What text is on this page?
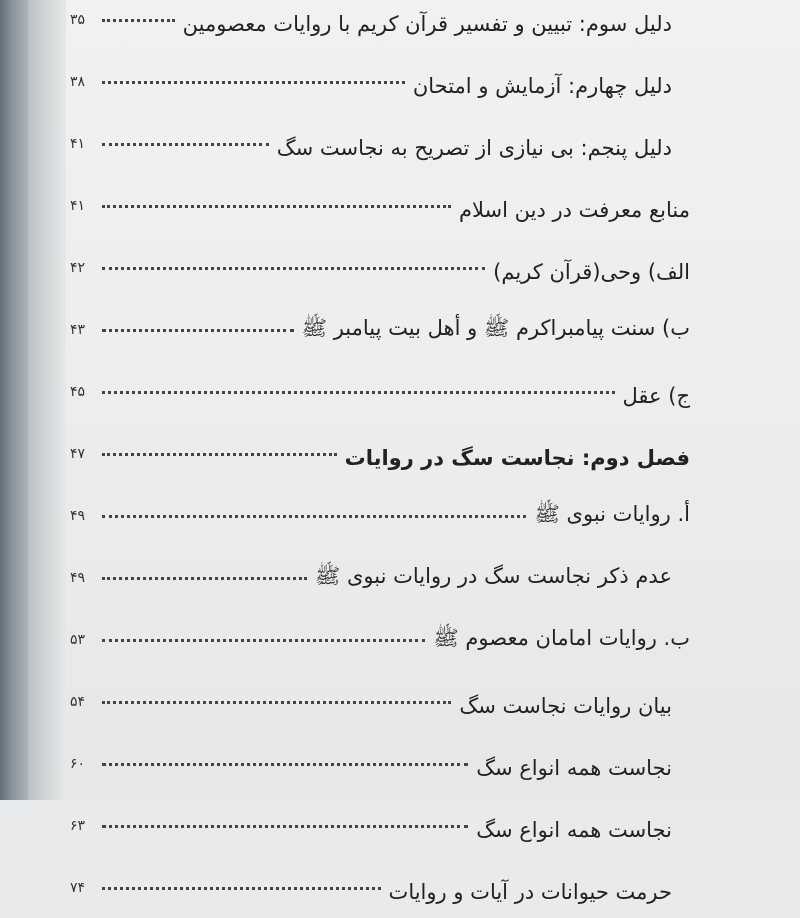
۳۵	دلیل سوم: تبیین و تفسیر قرآن کریم با روایات معصومین
۳۸	دلیل چهارم: آزمایش و امتحان
۴۱	دلیل پنجم: بی نیازی از تصریح به نجاست سگ
۴۱	منابع معرفت در دین اسلام
۴۲	الف) وحی(قرآن کریم)
۴۳	ب) سنت پیامبراکرم ﷺ و أهل بیت پیامبر ﷺ
۴۵	ج) عقل
۴۷	فصل دوم: نجاست سگ در روایات
۴۹	أ. روایات نبوی ﷺ
۴۹	عدم ذکر نجاست سگ در روایات نبوی ﷺ
۵۳	ب. روایات امامان معصوم ﷺ
۵۴	بیان روایات نجاست سگ
۶۰	نجاست همه انواع سگ
۶۳	نجاست همه انواع سگ
۷۴	حرمت حیوانات در آیات و روایات
